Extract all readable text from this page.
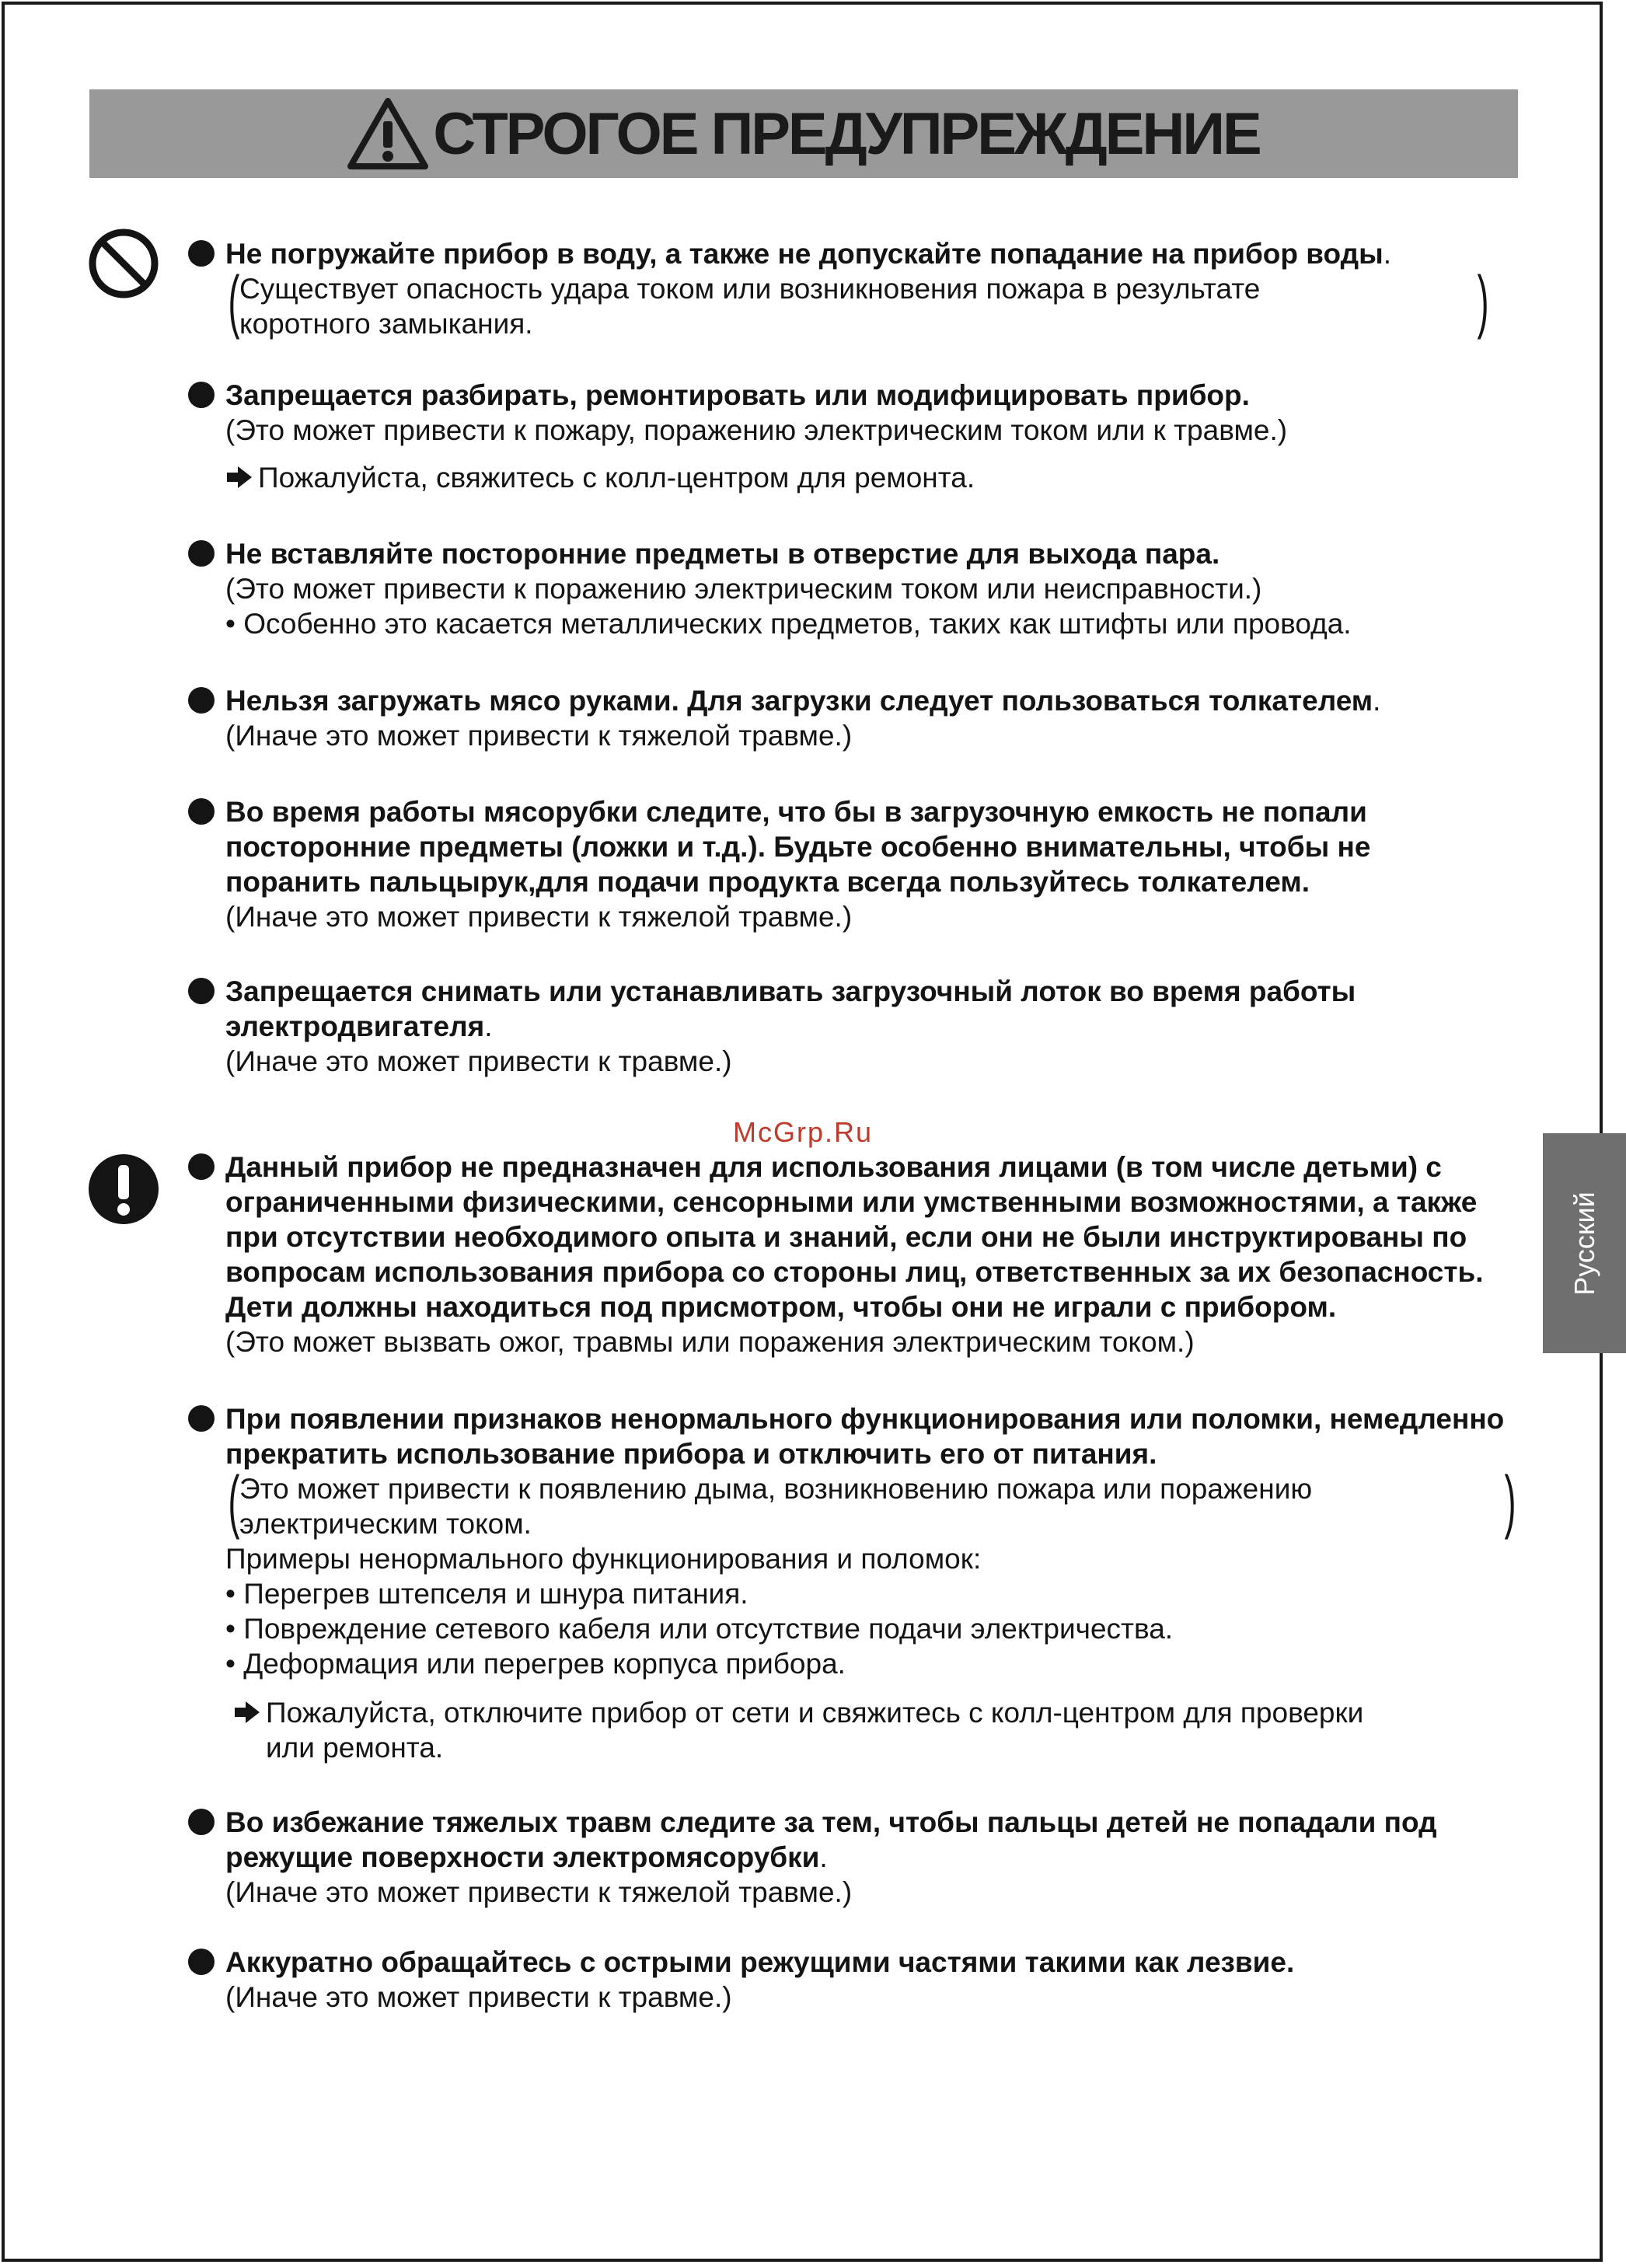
СТРОГОЕ ПРЕДУПРЕЖДЕНИЕ
Русский
McGrp.Ru

Не погружайте прибор в воду, а также не допускайте попадание на прибор воды.

( Существует опасность удара током или возникновения пожара в результате
коротного замыкания.
)

Запрещается разбирать, ремонтировать или модифицировать прибор.

(Это может привести к пожару, поражению электрическим током или к травме.)

Пожалуйста, свяжитесь с колл-центром для ремонта.

Не вставляйте посторонние предметы в отверстие для выхода пара.

(Это может привести к поражению электрическим током или неисправности.)

• Особенно это касается металлических предметов, таких как штифты или провода.

Нельзя загружать мясо руками. Для загрузки следует пользоваться толкателем.

(Иначе это может привести к тяжелой травме.)

Во время работы мясорубки следите, что бы в загрузочную емкость не попали

посторонние предметы (ложки и т.д.). Будьте особенно внимательны, чтобы не

поранить пальцырук,для подачи продукта всегда пользуйтесь толкателем.

(Иначе это может привести к тяжелой травме.)

Запрещается снимать или устанавливать загрузочный лоток во время работы

электродвигателя.

(Иначе это может привести к травме.)

Данный прибор не предназначен для использования лицами (в том числе детьми) с

ограниченными физическими, сенсорными или умственными возможностями, а также

при отсутствии необходимого опыта и знаний, если они не были инструктированы по

вопросам использования прибора со стороны лиц, ответственных за их безопасность.

Дети должны находиться под присмотром, чтобы они не играли с прибором.

(Это может вызвать ожог, травмы или поражения электрическим током.)

При появлении признаков ненормального функционирования или поломки, немедленно

прекратить использование прибора и отключить его от питания.

( Это может привести к появлению дыма, возникновению пожара или поражению
электрическим током.
)

Примеры ненормального функционирования и поломок:

• Перегрев штепселя и шнура питания.

• Повреждение сетевого кабеля или отсутствие подачи электричества.

• Деформация или перегрев корпуса прибора.

Пожалуйста, отключите прибор от сети и свяжитесь с колл-центром для проверки
или ремонта.

Во избежание тяжелых травм следите за тем, чтобы пальцы детей не попадали под

режущие поверхности электромясорубки.

(Иначе это может привести к тяжелой травме.)

Аккуратно обращайтесь с острыми режущими частями такими как лезвие.

(Иначе это может привести к травме.)
